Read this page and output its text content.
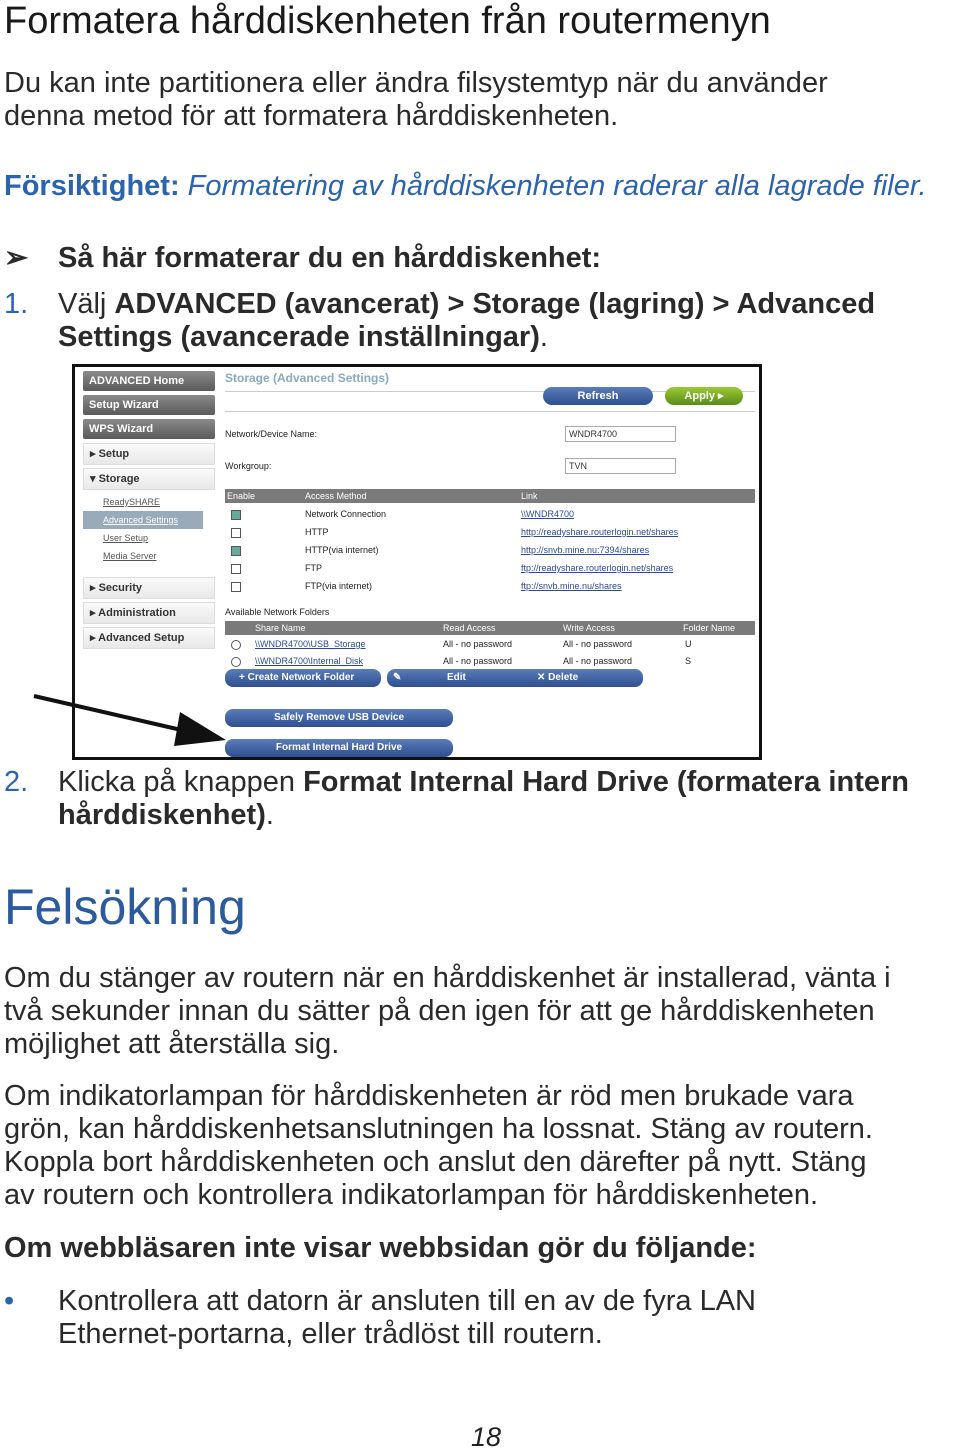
Formatera hårddiskenheten från routermenyn
Du kan inte partitionera eller ändra filsystemtyp när du använder
denna metod för att formatera hårddiskenheten.
Försiktighet: Formatering av hårddiskenheten raderar alla lagrade filer.
➢ Så här formaterar du en hårddiskenhet:
1. Välj ADVANCED (avancerat) > Storage (lagring) > Advanced
Settings (avancerade inställningar).
ADVANCED Home
Setup Wizard
WPS Wizard
▸ Setup
▾ Storage
ReadySHARE
Advanced Settings
User Setup
Media Server
▸ Security
▸ Administration
▸ Advanced Setup
Storage (Advanced Settings)
Refresh	Apply ▸
Network/Device Name:	WNDR4700
Workgroup:	TVN
Enable	Access Method	Link
Available Network Folders
Share Name	Read Access	Write Access	Folder Name
+ Create Network Folder	✎	Edit	✕ Delete
Safely Remove USB Device
Format Internal Hard Drive
Network Connection	\\WNDR4700
HTTP	http://readyshare.routerlogin.net/shares
HTTP(via internet)	http://snvb.mine.nu:7394/shares
FTP	ftp://readyshare.routerlogin.net/shares
FTP(via internet)	ftp://snvb.mine.nu/shares
\\WNDR4700\USB_Storage	All - no password	All - no password	U
\\WNDR4700\Internal_Disk	All - no password	All - no password	S
2. Klicka på knappen Format Internal Hard Drive (formatera intern
hårddiskenhet).
Felsökning
Om du stänger av routern när en hårddiskenhet är installerad, vänta i
två sekunder innan du sätter på den igen för att ge hårddiskenheten
möjlighet att återställa sig.
Om indikatorlampan för hårddiskenheten är röd men brukade vara
grön, kan hårddiskenhetsanslutningen ha lossnat. Stäng av routern.
Koppla bort hårddiskenheten och anslut den därefter på nytt. Stäng
av routern och kontrollera indikatorlampan för hårddiskenheten.
Om webbläsaren inte visar webbsidan gör du följande:
• Kontrollera att datorn är ansluten till en av de fyra LAN
Ethernet-portarna, eller trådlöst till routern.
18
